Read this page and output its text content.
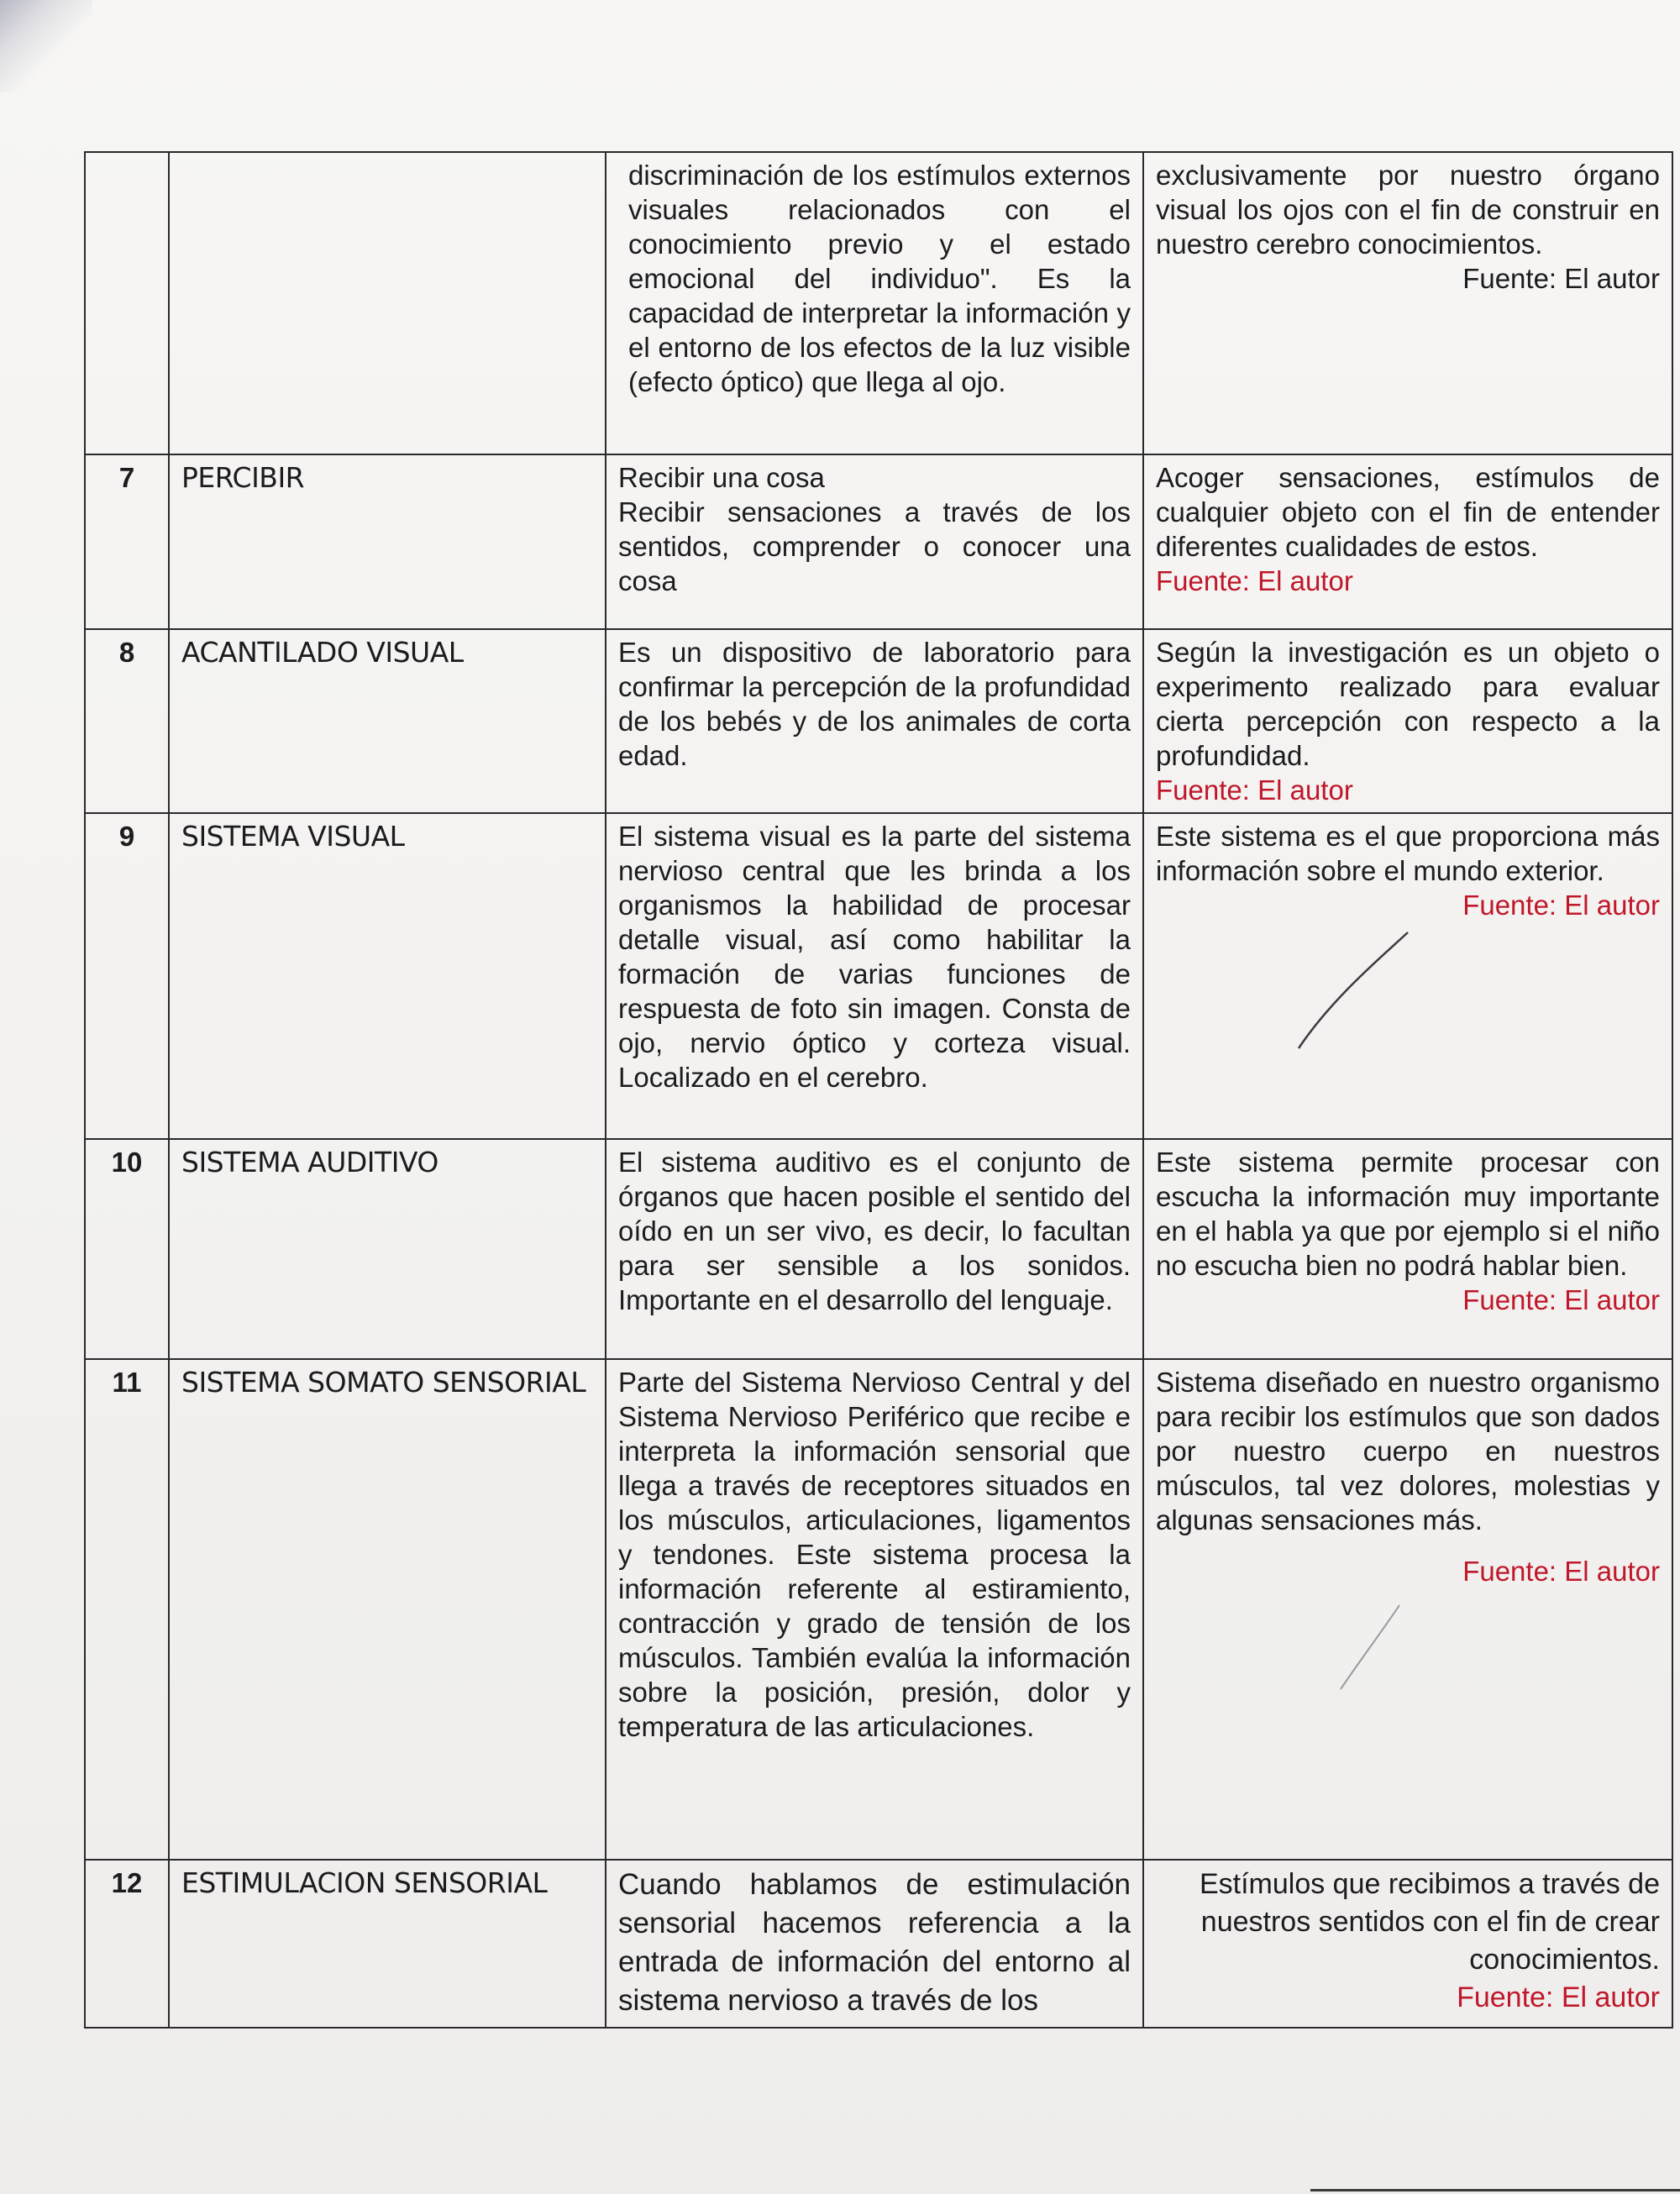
		discriminación de los estímulos externos visuales relacionados con el conocimiento previo y el estado emocional del individuo". Es la capacidad de interpretar la información y el entorno de los efectos de la luz visible (efecto óptico) que llega al ojo.	exclusivamente por nuestro órgano visual los ojos con el fin de construir en nuestro cerebro conocimientos.
Fuente: El autor

7	PERCIBIR	Recibir una cosa
Recibir sensaciones a través de los sentidos, comprender o conocer una cosa	Acoger sensaciones, estímulos de cualquier objeto con el fin de entender diferentes cualidades de estos.
Fuente: El autor

8	ACANTILADO VISUAL	Es un dispositivo de laboratorio para confirmar la percepción de la profundidad de los bebés y de los animales de corta edad.	Según la investigación es un objeto o experimento realizado para evaluar cierta percepción con respecto a la profundidad.
Fuente: El autor

9	SISTEMA VISUAL	El sistema visual es la parte del sistema nervioso central que les brinda a los organismos la habilidad de procesar detalle visual, así como habilitar la formación de varias funciones de respuesta de foto sin imagen. Consta de ojo, nervio óptico y corteza visual. Localizado en el cerebro.	Este sistema es el que proporciona más información sobre el mundo exterior.
Fuente: El autor

10	SISTEMA AUDITIVO	El sistema auditivo es el conjunto de órganos que hacen posible el sentido del oído en un ser vivo, es decir, lo facultan para ser sensible a los sonidos. Importante en el desarrollo del lenguaje.	Este sistema permite procesar con escucha la información muy importante en el habla ya que por ejemplo si el niño no escucha bien no podrá hablar bien.
Fuente: El autor

11	SISTEMA SOMATO SENSORIAL	Parte del Sistema Nervioso Central y del Sistema Nervioso Periférico que recibe e interpreta la información sensorial que llega a través de receptores situados en los músculos, articulaciones, ligamentos y tendones. Este sistema procesa la información referente al estiramiento, contracción y grado de tensión de los músculos. También evalúa la información sobre la posición, presión, dolor y temperatura de las articulaciones.	Sistema diseñado en nuestro organismo para recibir los estímulos que son dados por nuestro cuerpo en nuestros músculos, tal vez dolores, molestias y algunas sensaciones más.
Fuente: El autor

12	ESTIMULACION SENSORIAL	Cuando hablamos de estimulación sensorial hacemos referencia a la entrada de información del entorno al sistema nervioso a través de los	Estímulos que recibimos a través de nuestros sentidos con el fin de crear conocimientos.
Fuente: El autor
